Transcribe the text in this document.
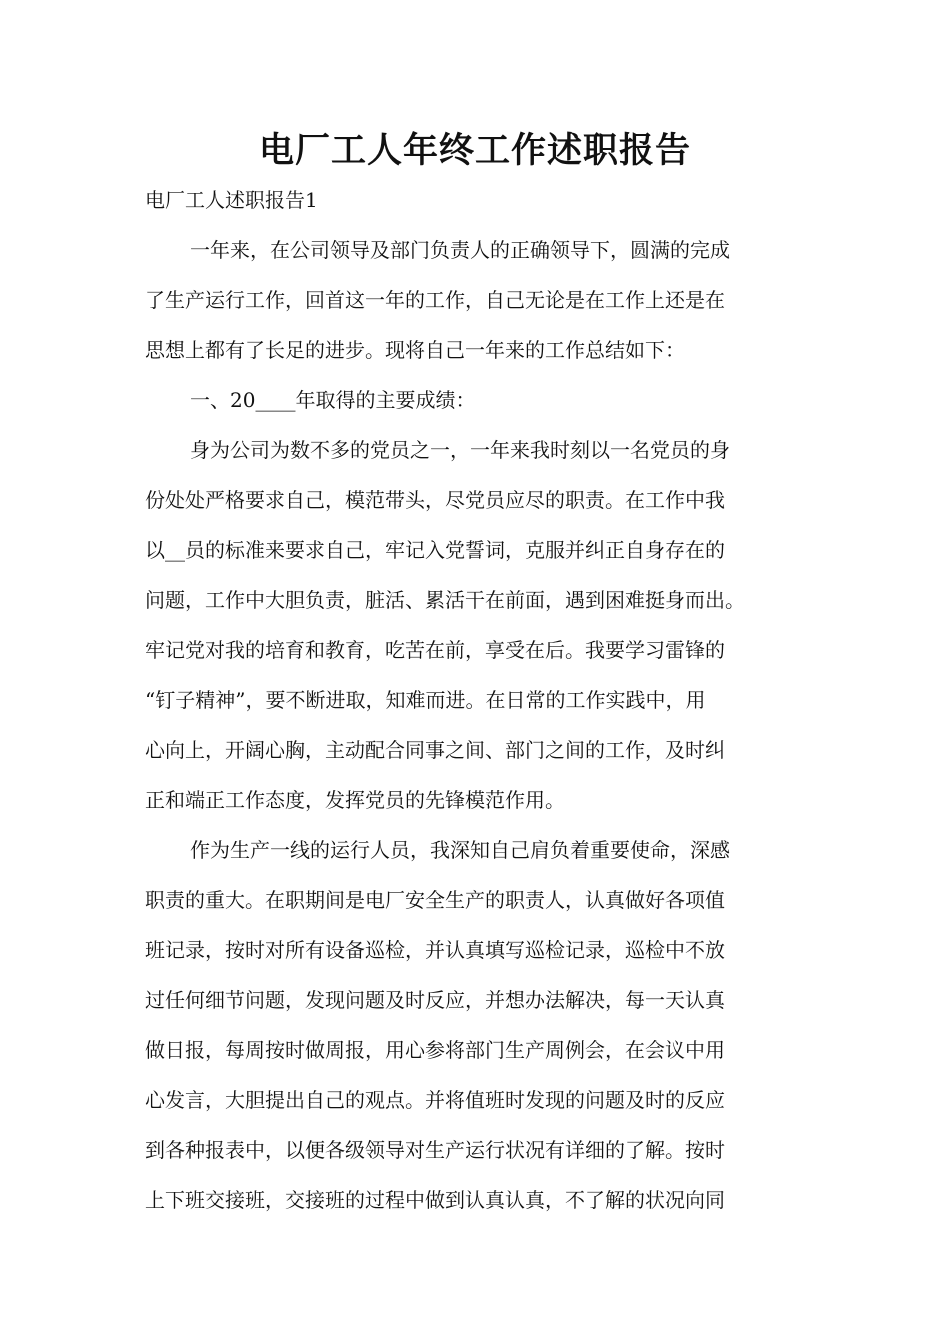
电厂工人年终工作述职报告
电厂工人述职报告1
一年来，在公司领导及部门负责人的正确领导下，圆满的完成
了生产运行工作，回首这一年的工作，自己无论是在工作上还是在
思想上都有了长足的进步。现将自己一年来的工作总结如下：
一、20____年取得的主要成绩：
身为公司为数不多的党员之一，一年来我时刻以一名党员的身
份处处严格要求自己，模范带头，尽党员应尽的职责。在工作中我
以__员的标准来要求自己，牢记入党誓词，克服并纠正自身存在的
问题，工作中大胆负责，脏活、累活干在前面，遇到困难挺身而出。
牢记党对我的培育和教育，吃苦在前，享受在后。我要学习雷锋的
“钉子精神”，要不断进取，知难而进。在日常的工作实践中，用
心向上，开阔心胸，主动配合同事之间、部门之间的工作，及时纠
正和端正工作态度，发挥党员的先锋模范作用。
作为生产一线的运行人员，我深知自己肩负着重要使命，深感
职责的重大。在职期间是电厂安全生产的职责人，认真做好各项值
班记录，按时对所有设备巡检，并认真填写巡检记录，巡检中不放
过任何细节问题，发现问题及时反应，并想办法解决，每一天认真
做日报，每周按时做周报，用心参将部门生产周例会，在会议中用
心发言，大胆提出自己的观点。并将值班时发现的问题及时的反应
到各种报表中，以便各级领导对生产运行状况有详细的了解。按时
上下班交接班，交接班的过程中做到认真认真，不了解的状况向同
